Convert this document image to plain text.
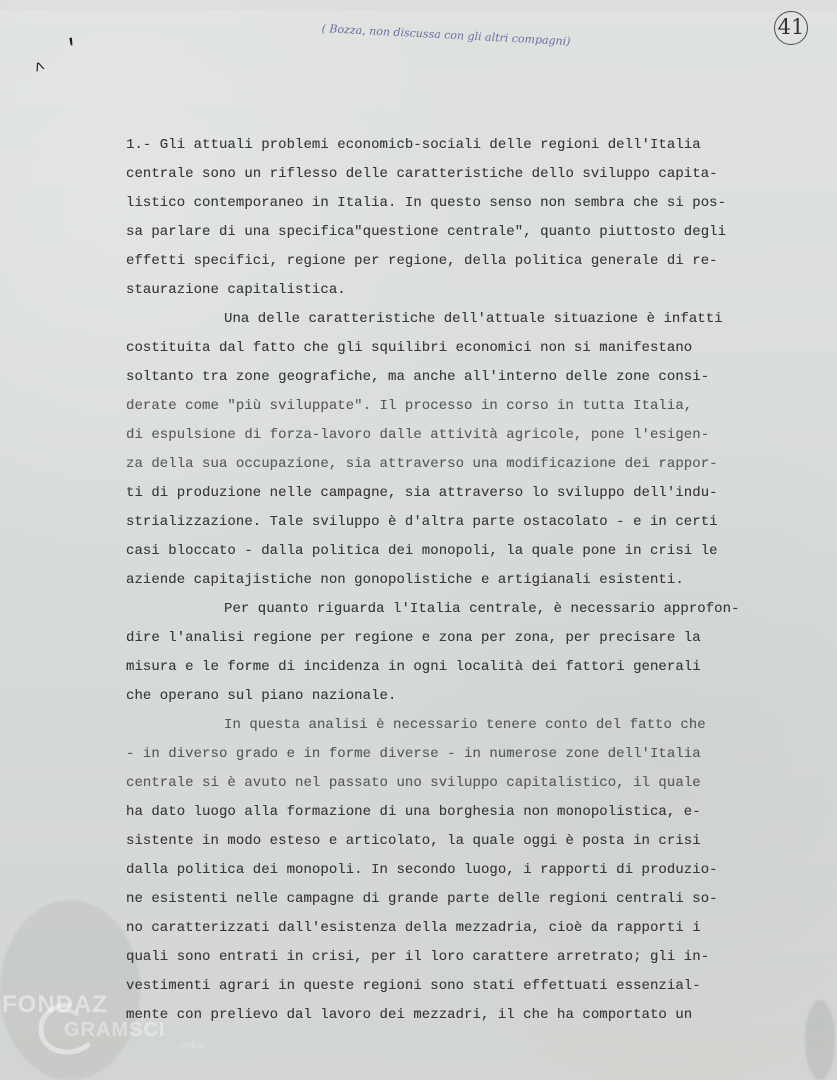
ʹ
^
( Bozza, non discussa con gli altri compagni)	41
1.- Gli attuali problemi economicb-sociali delle regioni dell'Italia
centrale sono un riflesso delle caratteristiche dello sviluppo capita-
listico contemporaneo in Italia. In questo senso non sembra che si pos-
sa parlare di una specifica"questione centrale", quanto piuttosto degli
effetti specifici, regione per regione, della politica generale di re-
staurazione capitalistica.
Una delle caratteristiche dell'attuale situazione è infatti
costituita dal fatto che gli squilibri economici non si manifestano
soltanto tra zone geografiche, ma anche all'interno delle zone consi-
derate come "più sviluppate". Il processo in corso in tutta Italia,
di espulsione di forza-lavoro dalle attività agricole, pone l'esigen-
za della sua occupazione, sia attraverso una modificazione dei rappor-
ti di produzione nelle campagne, sia attraverso lo sviluppo dell'indu-
strializzazione. Tale sviluppo è d'altra parte ostacolato - e in certi
casi bloccato - dalla politica dei monopoli, la quale pone in crisi le
aziende capitajistiche non gonopolistiche e artigianali esistenti.
Per quanto riguarda l'Italia centrale, è necessario approfon-
dire l'analisi regione per regione e zona per zona, per precisare la
misura e le forme di incidenza in ogni località dei fattori generali
che operano sul piano nazionale.
In questa analisi è necessario tenere conto del fatto che
- in diverso grado e in forme diverse - in numerose zone dell'Italia
centrale si è avuto nel passato uno sviluppo capitalistico, il quale
ha dato luogo alla formazione di una borghesia non monopolistica, e-
sistente in modo esteso e articolato, la quale oggi è posta in crisi
dalla politica dei monopoli. In secondo luogo, i rapporti di produzio-
ne esistenti nelle campagne di grande parte delle regioni centrali so-
no caratterizzati dall'esistenza della mezzadria, cioè da rapporti i
quali sono entrati in crisi, per il loro carattere arretrato; gli in-
vestimenti agrari in queste regioni sono stati effettuati essenzial-
mente con prelievo dal lavoro dei mezzadri, il che ha comportato un
FONDAZ
GRAMSCI
onlus
